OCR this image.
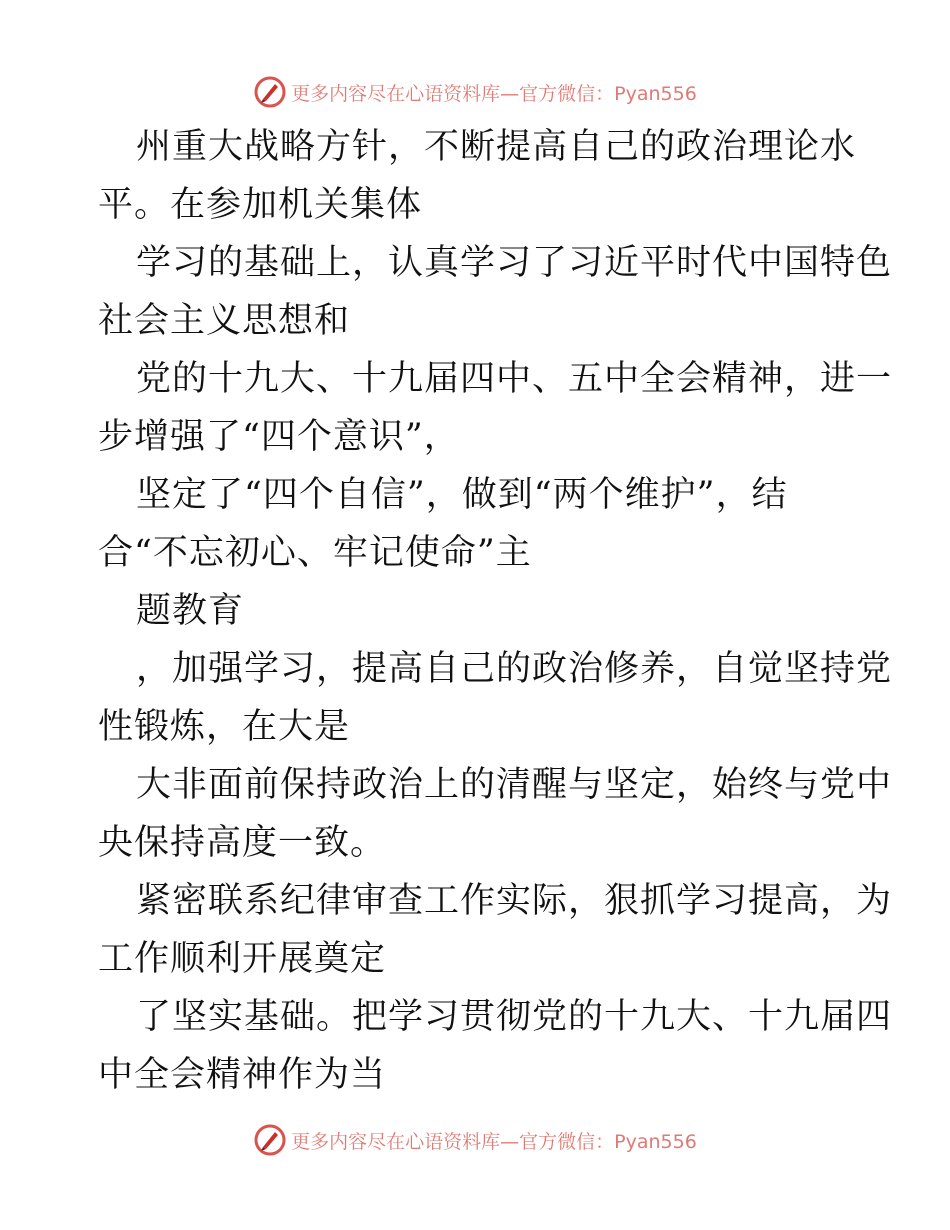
更多内容尽在心语资料库—官方微信：Pyan556
州重大战略方针，不断提高自己的政治理论水
平。在参加机关集体
学习的基础上，认真学习了习近平时代中国特色
社会主义思想和
党的十九大、十九届四中、五中全会精神，进一
步增强了“四个意识”，
坚定了“四个自信”，做到“两个维护”，结
合“不忘初心、牢记使命”主
题教育
，加强学习，提高自己的政治修养，自觉坚持党
性锻炼，在大是
大非面前保持政治上的清醒与坚定，始终与党中
央保持高度一致。
紧密联系纪律审查工作实际，狠抓学习提高，为
工作顺利开展奠定
了坚实基础。把学习贯彻党的十九大、十九届四
中全会精神作为当
更多内容尽在心语资料库—官方微信：Pyan556
